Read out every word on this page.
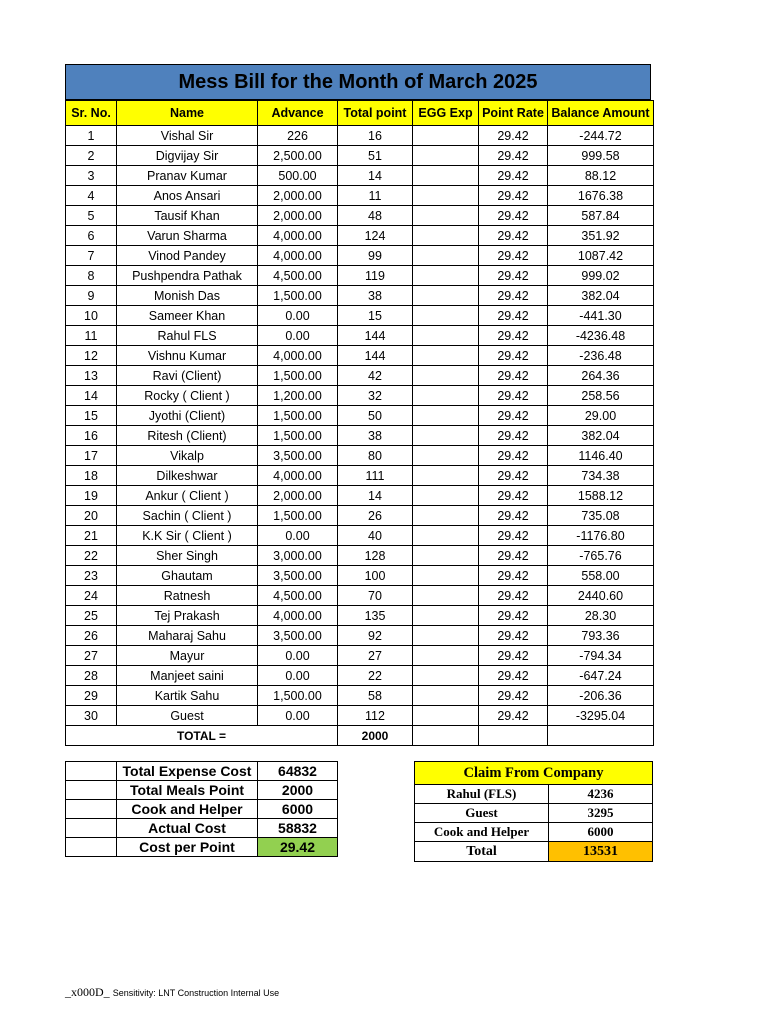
Mess Bill for the Month of March 2025
Sr. No.	Name	Advance	Total point	EGG Exp	Point Rate	Balance Amount
1	Vishal Sir	226	16		29.42	-244.72
2	Digvijay Sir	2,500.00	51		29.42	999.58
3	Pranav Kumar	500.00	14		29.42	88.12
4	Anos Ansari	2,000.00	11		29.42	1676.38
5	Tausif Khan	2,000.00	48		29.42	587.84
6	Varun Sharma	4,000.00	124		29.42	351.92
7	Vinod Pandey	4,000.00	99		29.42	1087.42
8	Pushpendra Pathak	4,500.00	119		29.42	999.02
9	Monish Das	1,500.00	38		29.42	382.04
10	Sameer Khan	0.00	15		29.42	-441.30
11	Rahul FLS	0.00	144		29.42	-4236.48
12	Vishnu Kumar	4,000.00	144		29.42	-236.48
13	Ravi (Client)	1,500.00	42		29.42	264.36
14	Rocky ( Client )	1,200.00	32		29.42	258.56
15	Jyothi (Client)	1,500.00	50		29.42	29.00
16	Ritesh (Client)	1,500.00	38		29.42	382.04
17	Vikalp	3,500.00	80		29.42	1146.40
18	Dilkeshwar	4,000.00	111		29.42	734.38
19	Ankur ( Client )	2,000.00	14		29.42	1588.12
20	Sachin ( Client )	1,500.00	26		29.42	735.08
21	K.K Sir ( Client )	0.00	40		29.42	-1176.80
22	Sher Singh	3,000.00	128		29.42	-765.76
23	Ghautam	3,500.00	100		29.42	558.00
24	Ratnesh	4,500.00	70		29.42	2440.60
25	Tej Prakash	4,000.00	135		29.42	28.30
26	Maharaj Sahu	3,500.00	92		29.42	793.36
27	Mayur	0.00	27		29.42	-794.34
28	Manjeet saini	0.00	22		29.42	-647.24
29	Kartik Sahu	1,500.00	58		29.42	-206.36
30	Guest	0.00	112		29.42	-3295.04
TOTAL =			2000			
	Total Expense Cost	64832
	Total Meals Point	2000
	Cook and Helper	6000
	Actual Cost	58832
	Cost per Point	29.42
Claim From Company	
Rahul (FLS)	4236
Guest	3295
Cook and Helper	6000
Total	13531
_x000D_ Sensitivity: LNT Construction Internal Use
